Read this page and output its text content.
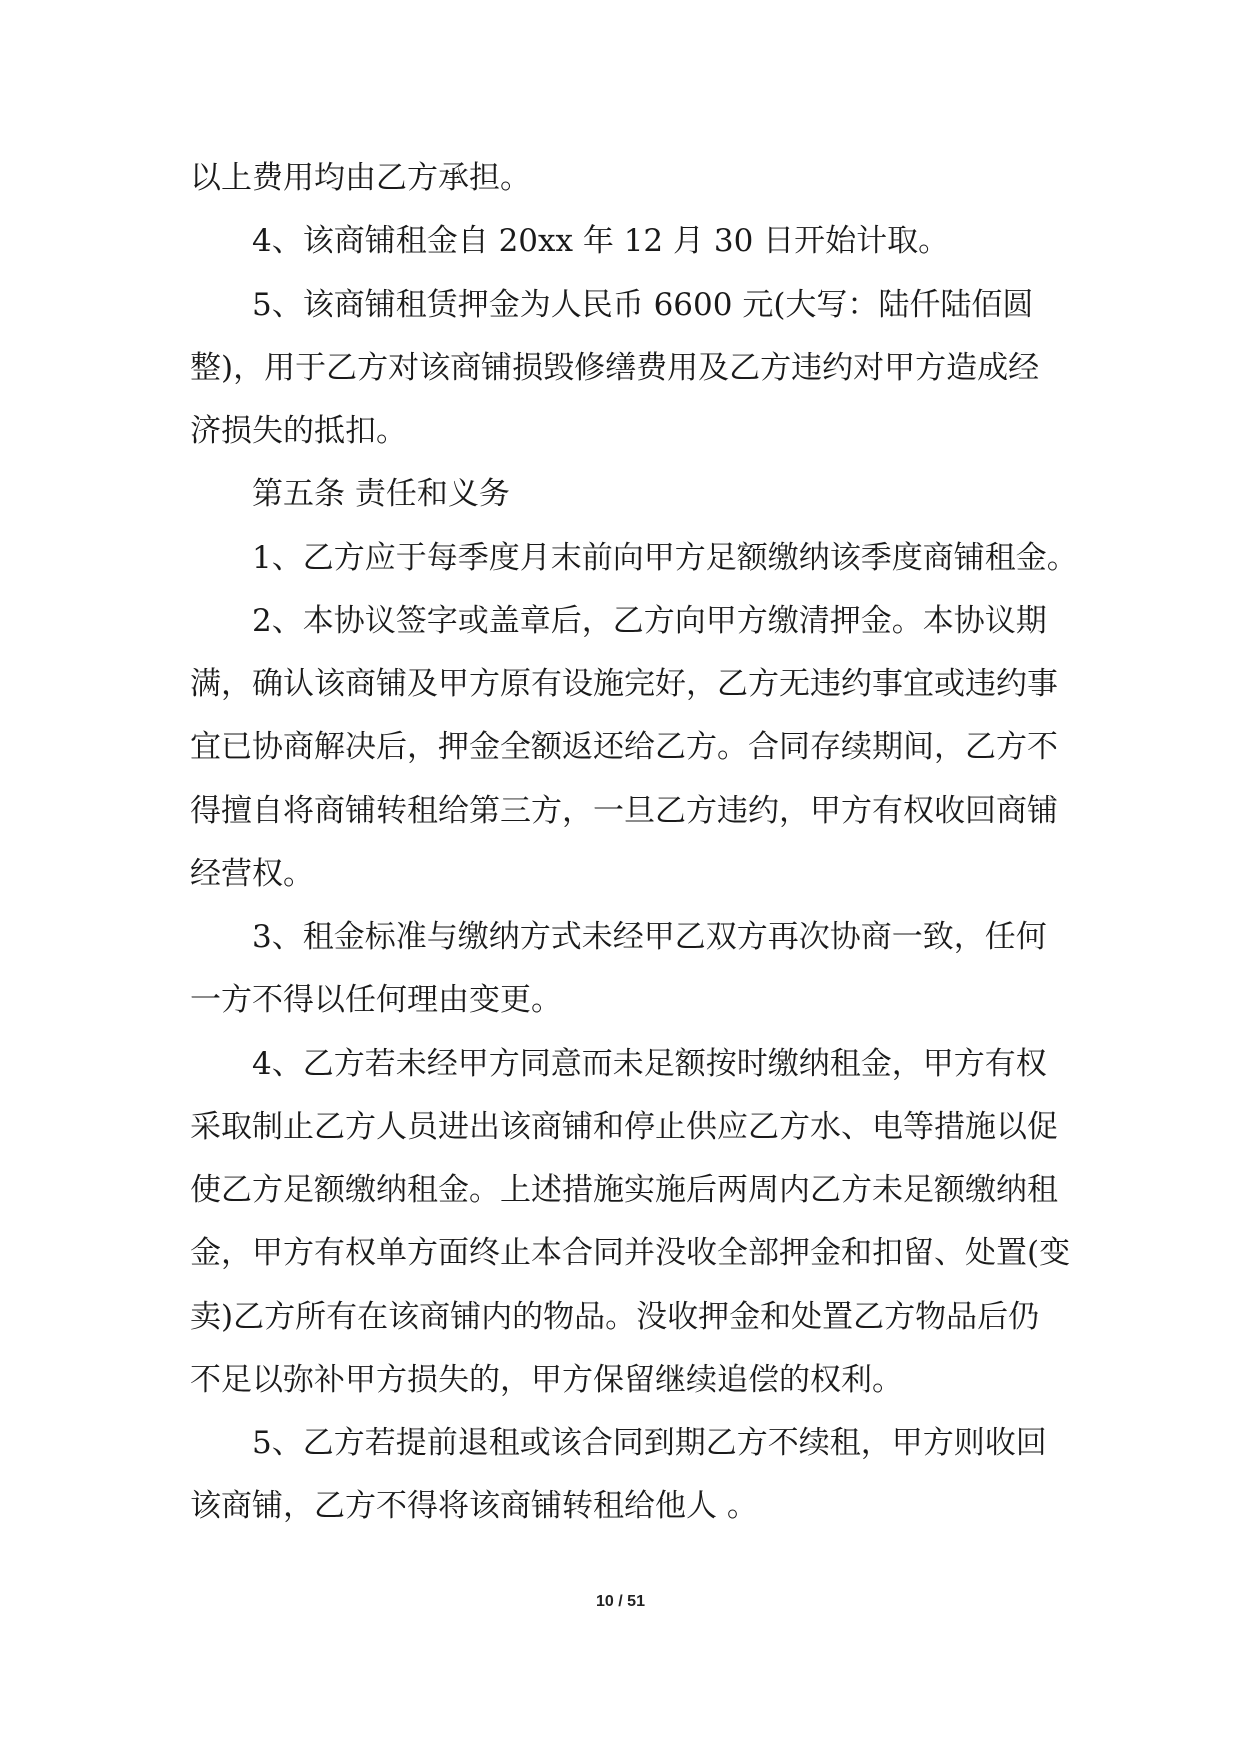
以上费用均由乙方承担。
4、该商铺租金自 20xx 年 12 月 30 日开始计取。
5、该商铺租赁押金为人民币 6600 元(大写：陆仟陆佰圆
整)，用于乙方对该商铺损毁修缮费用及乙方违约对甲方造成经
济损失的抵扣。
第五条 责任和义务
1、乙方应于每季度月末前向甲方足额缴纳该季度商铺租金。
2、本协议签字或盖章后，乙方向甲方缴清押金。本协议期
满，确认该商铺及甲方原有设施完好，乙方无违约事宜或违约事
宜已协商解决后，押金全额返还给乙方。合同存续期间，乙方不
得擅自将商铺转租给第三方，一旦乙方违约，甲方有权收回商铺
经营权。
3、租金标准与缴纳方式未经甲乙双方再次协商一致，任何
一方不得以任何理由变更。
4、乙方若未经甲方同意而未足额按时缴纳租金，甲方有权
采取制止乙方人员进出该商铺和停止供应乙方水、电等措施以促
使乙方足额缴纳租金。上述措施实施后两周内乙方未足额缴纳租
金，甲方有权单方面终止本合同并没收全部押金和扣留、处置(变
卖)乙方所有在该商铺内的物品。没收押金和处置乙方物品后仍
不足以弥补甲方损失的，甲方保留继续追偿的权利。
5、乙方若提前退租或该合同到期乙方不续租，甲方则收回
该商铺，乙方不得将该商铺转租给他人 。
10 / 51
